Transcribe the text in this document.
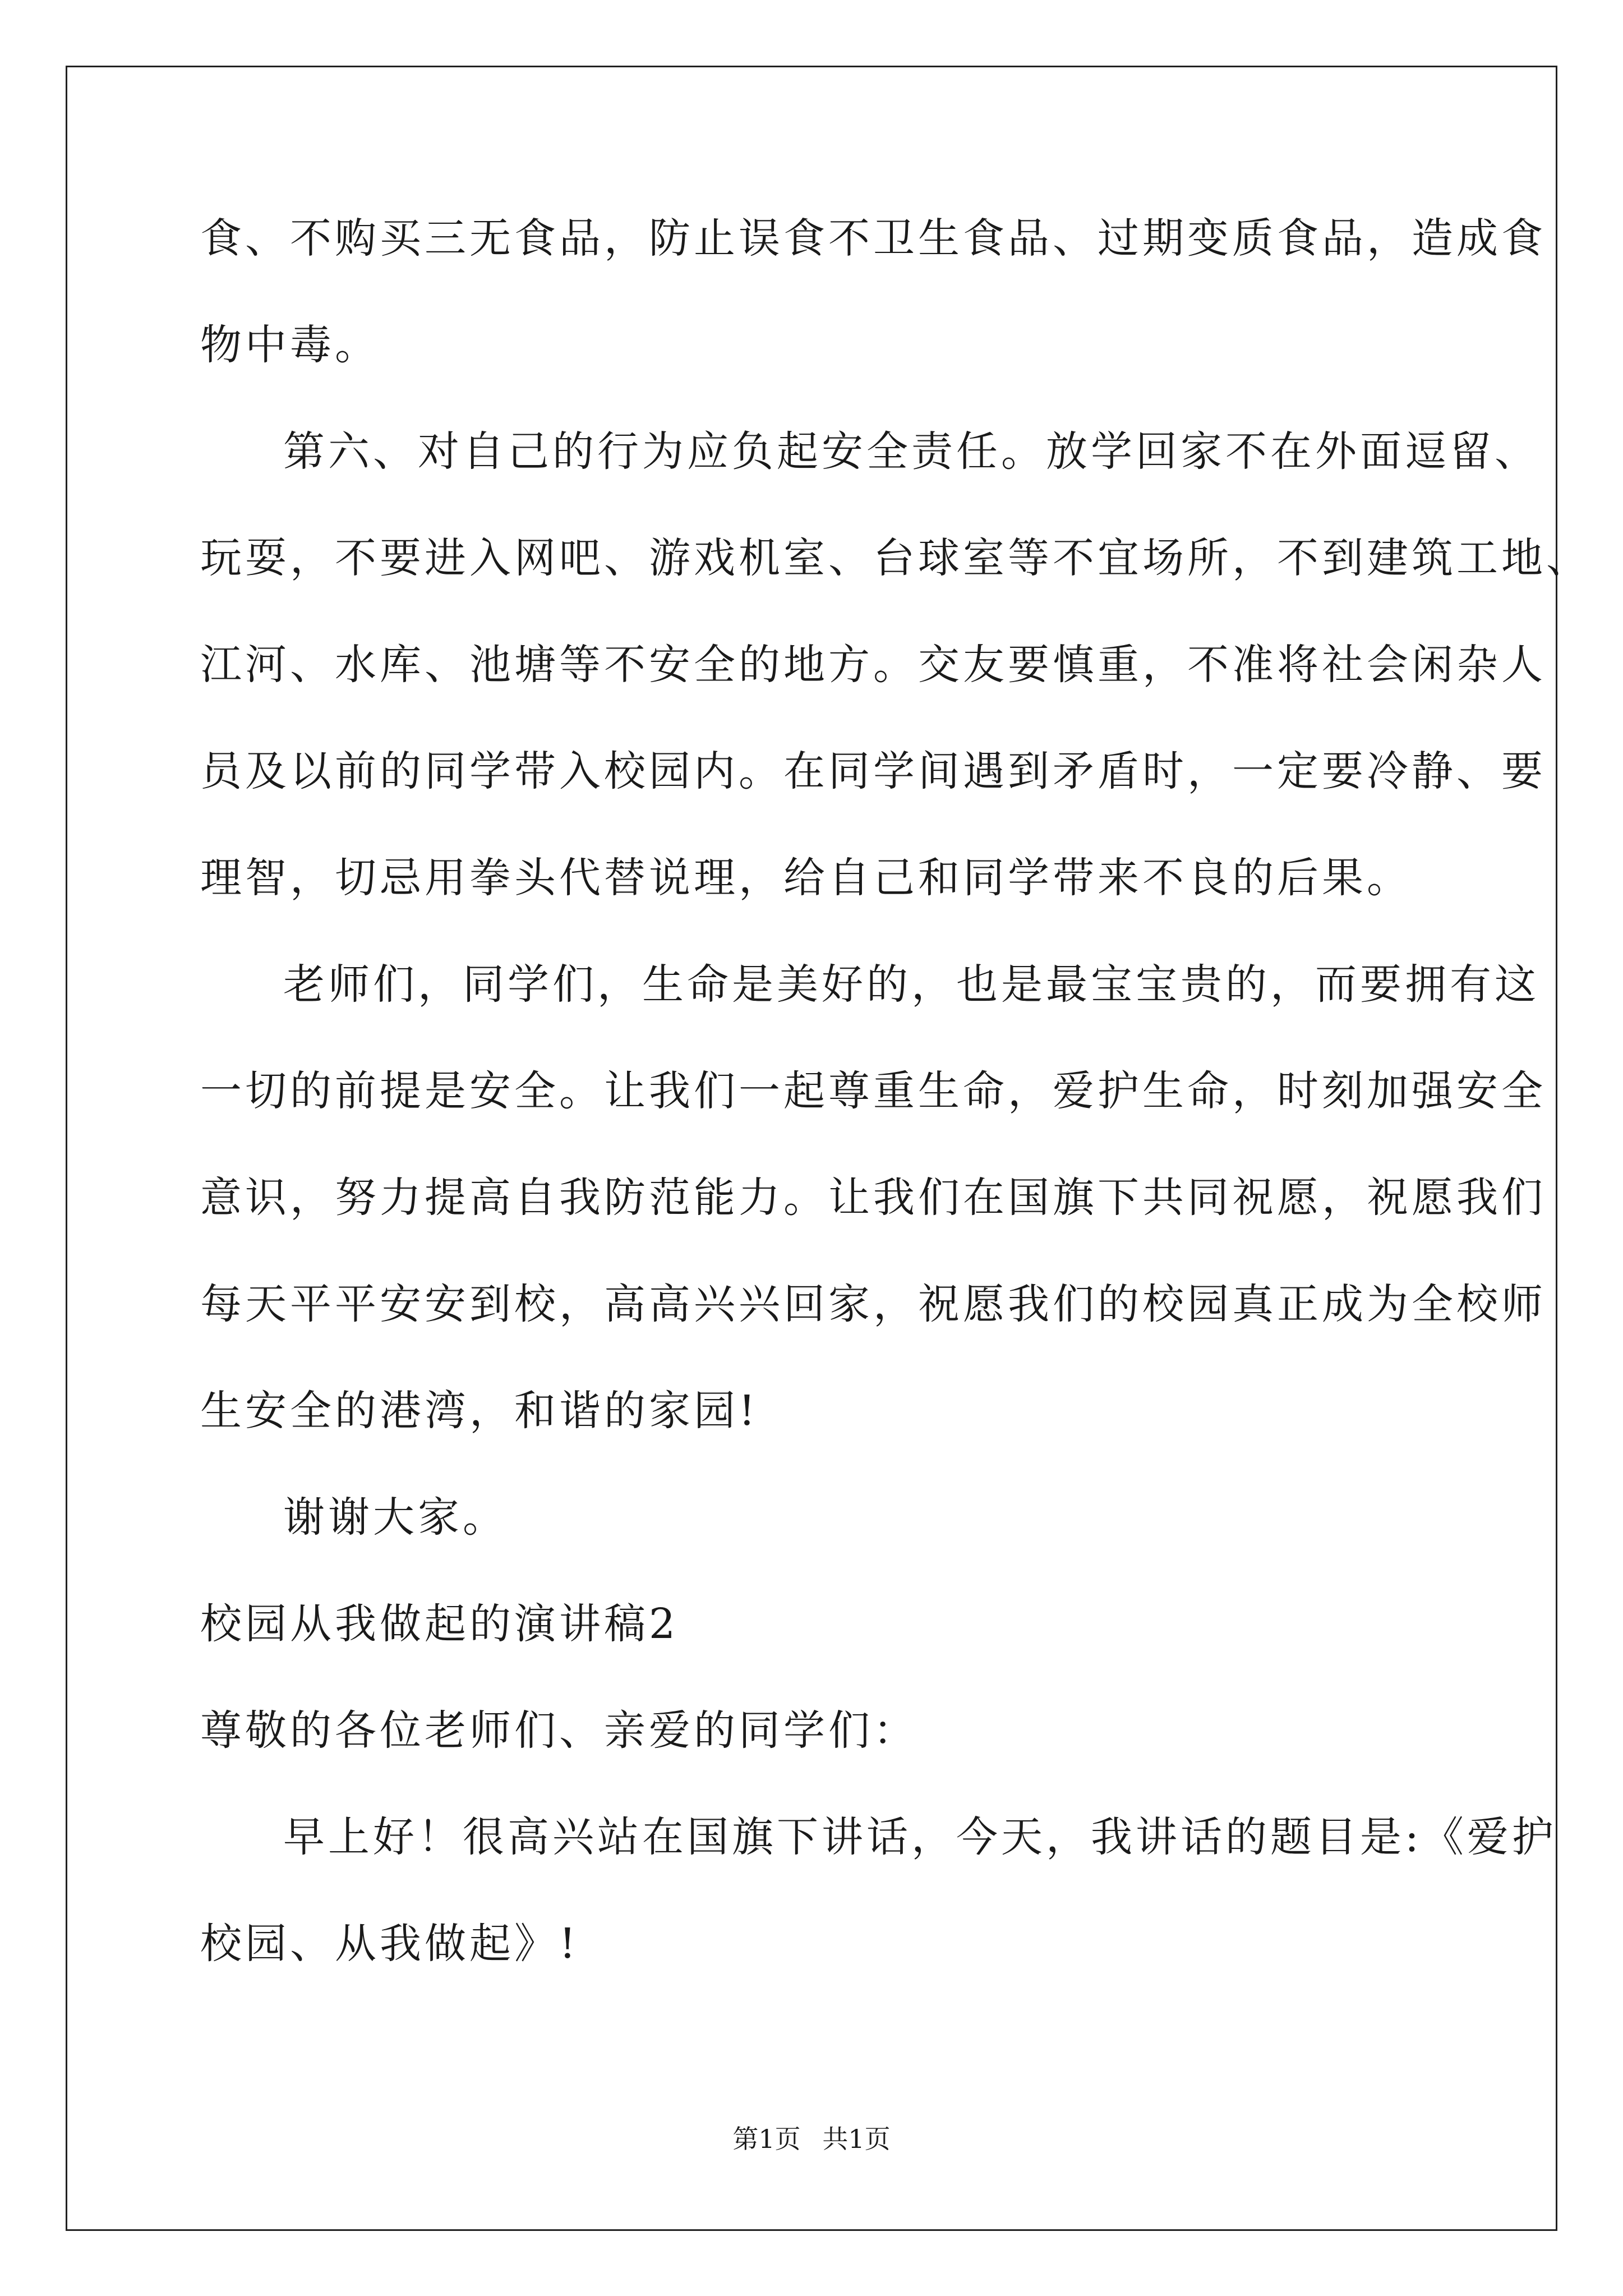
食、不购买三无食品，防止误食不卫生食品、过期变质食品，造成食
物中毒。
第六、对自己的行为应负起安全责任。放学回家不在外面逗留、
玩耍，不要进入网吧、游戏机室、台球室等不宜场所，不到建筑工地、
江河、水库、池塘等不安全的地方。交友要慎重，不准将社会闲杂人
员及以前的同学带入校园内。在同学间遇到矛盾时，一定要冷静、要
理智，切忌用拳头代替说理，给自己和同学带来不良的后果。
老师们，同学们，生命是美好的，也是最宝宝贵的，而要拥有这
一切的前提是安全。让我们一起尊重生命，爱护生命，时刻加强安全
意识，努力提高自我防范能力。让我们在国旗下共同祝愿，祝愿我们
每天平平安安到校，高高兴兴回家，祝愿我们的校园真正成为全校师
生安全的港湾，和谐的家园!
谢谢大家。
校园从我做起的演讲稿2
尊敬的各位老师们、亲爱的同学们：
早上好！很高兴站在国旗下讲话，今天，我讲话的题目是:《爱护
校园、从我做起》!
第1页 共1页
